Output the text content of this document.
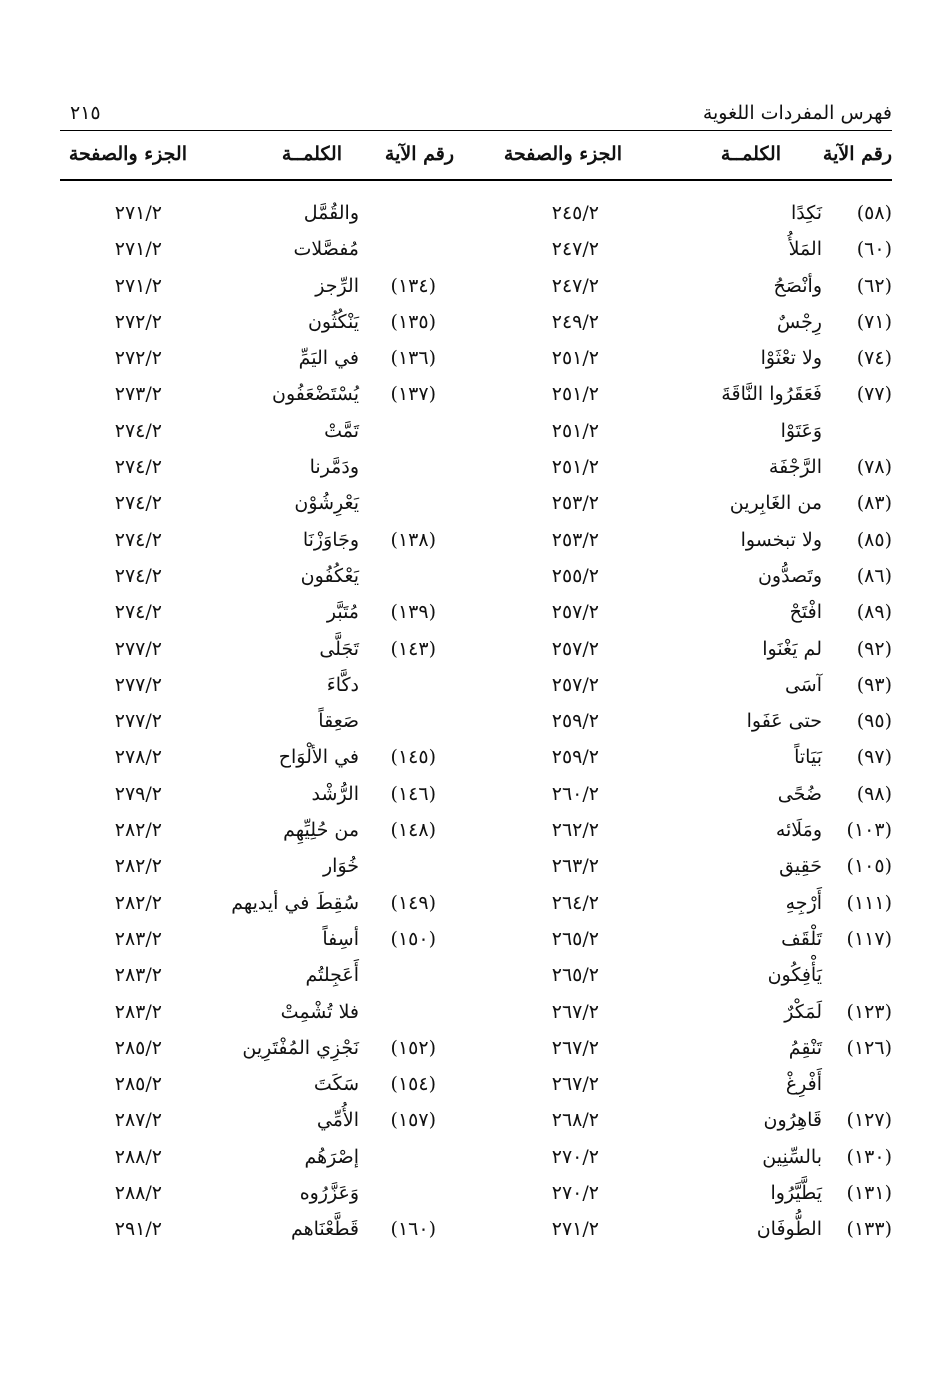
فهرس المفردات اللغوية
٢١٥
رقم الآية
الكلمــة
الجزء والصفحة
رقم الآية
الكلمــة
الجزء والصفحة
(٥٨)
نَكِدًا
٢٤٥/٢
والقُمَّل
٢٧١/٢
(٦٠)
المَلأُ
٢٤٧/٢
مُفصَّلات
٢٧١/٢
(٦٢)
وأنْصَحُ
٢٤٧/٢
(١٣٤)
الرِّجز
٢٧١/٢
(٧١)
رِجْسٌ
٢٤٩/٢
(١٣٥)
يَنْكُثُون
٢٧٢/٢
(٧٤)
ولا تعْثَوْا
٢٥١/٢
(١٣٦)
في اليَمِّ
٢٧٢/٢
(٧٧)
فَعَقَرُوا النَّاقَةَ
٢٥١/٢
(١٣٧)
يُسْتَضْعَفُون
٢٧٣/٢
وَعَتَوْا
٢٥١/٢
تَمَّتْ
٢٧٤/٢
(٧٨)
الرَّجْفَة
٢٥١/٢
ودَمَّرنا
٢٧٤/٢
(٨٣)
من الغَابِرين
٢٥٣/٢
يَعْرِشُوْن
٢٧٤/٢
(٨٥)
ولا تبخسوا
٢٥٣/٢
(١٣٨)
وجَاوَزْنَا
٢٧٤/٢
(٨٦)
وتَصدُّون
٢٥٥/٢
يَعْكُفُون
٢٧٤/٢
(٨٩)
افْتَحْ
٢٥٧/٢
(١٣٩)
مُتَبَّر
٢٧٤/٢
(٩٢)
لم يَغْنَوا
٢٥٧/٢
(١٤٣)
تَجَلَّى
٢٧٧/٢
(٩٣)
آسَى
٢٥٧/٢
دكَّاءَ
٢٧٧/٢
(٩٥)
حتى عَفَوا
٢٥٩/٢
صَعِقاً
٢٧٧/٢
(٩٧)
بَيَاتاً
٢٥٩/٢
(١٤٥)
في الألْوَاح
٢٧٨/٢
(٩٨)
ضُحًى
٢٦٠/٢
(١٤٦)
الرُّشْد
٢٧٩/٢
(١٠٣)
ومَلَائه
٢٦٢/٢
(١٤٨)
من حُلِيِّهِم
٢٨٢/٢
(١٠٥)
حَقِيق
٢٦٣/٢
خُوَار
٢٨٢/٢
(١١١)
أَرْجِهِ
٢٦٤/٢
(١٤٩)
سُقِطَ في أيديهم
٢٨٢/٢
(١١٧)
تَلْقَف
٢٦٥/٢
(١٥٠)
أسِفاً
٢٨٣/٢
يَأْفِكُون
٢٦٥/٢
أَعَجِلتُم
٢٨٣/٢
(١٢٣)
لَمَكْرٌ
٢٦٧/٢
فلا تُشْمِتْ
٢٨٣/٢
(١٢٦)
تَنْقِمُ
٢٦٧/٢
(١٥٢)
نَجْزِي المُفْتَرِين
٢٨٥/٢
أَفْرِغْ
٢٦٧/٢
(١٥٤)
سَكَتَ
٢٨٥/٢
(١٢٧)
قَاهِرُون
٢٦٨/٢
(١٥٧)
الأُمِّي
٢٨٧/٢
(١٣٠)
بالسِّنِين
٢٧٠/٢
إصْرَهُم
٢٨٨/٢
(١٣١)
يَطَّيَّرُوا
٢٧٠/٢
وَعَزَّرُوه
٢٨٨/٢
(١٣٣)
الطُّوفَان
٢٧١/٢
(١٦٠)
قَطَّعْنَاهم
٢٩١/٢
